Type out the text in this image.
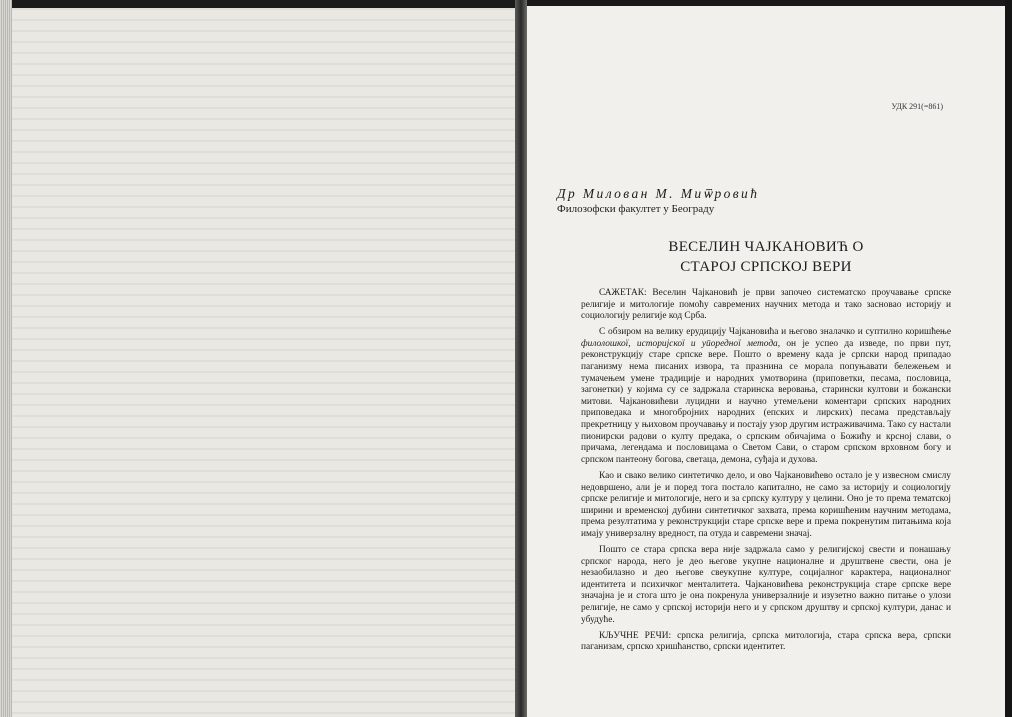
УДК 291(=861)
Др Милован М. Миѿровић
Филозофски факултет у Београду
ВЕСЕЛИН ЧАЈКАНОВИЋ О
СТАРОЈ СРПСКОЈ ВЕРИ

САЖЕТАК: Веселин Чајкановић је први започео систематско проучавање српске религије и митологије помоћу савремених научних метода и тако засновао историју и социологију религије код Срба.

С обзиром на велику ерудицију Чајкановића и његово зналачко и суптилно коришћење филолошкої, историјскої и уӣоредної метода, он је успео да изведе, по први пут, реконструкцију старе српске вере. Пошто о времену када је српски народ припадао паганизму нема писаних извора, та празнина се морала попуњавати бележењем и тумачењем умене традиције и народних умотворина (приповетки, песама, пословица, загонетки) у којима су се задржала старинска веровања, старински култови и божански митови. Чајкановићеви луцидни и научно утемељени коментари српских народних приповедака и многобројних народних (епских и лирских) песама представљају прекретницу у њиховом проучавању и постају узор другим истраживачима. Тако су настали пионирски радови о култу предака, о српским обичајима о Божићу и крсној слави, о причама, легендама и пословицама о Светом Сави, о старом српском врховном богу и српском пантеону богова, светаца, демона, суђаја и духова.

Као и свако велико синтетичко дело, и ово Чајкановићево остало је у извесном смислу недовршено, али је и поред тога постало капитално, не само за историју и социологију српске религије и митологије, него и за српску културу у целини. Оно је то према тематској ширини и временској дубини синтетичког захвата, према коришћеним научним методама, према резултатима у реконструкцији старе српске вере и према покренутим питањима која имају универзалну вредност, па отуда и савремени значај.

Пошто се стара српска вера није задржала само у религијској свести и понашању српског народа, него је део његове укупне националне и друштвене свести, она је незаобилазно и део његове свеукупне културе, социјалног карактера, националног идентитета и психичког менталитета. Чајкановићева реконструкција старе српске вере значајна је и стога што је она покренула универзалније и изузетно важно питање о улози религије, не само у српској историји него и у српском друштву и српској култури, данас и убудуће.

КЉУЧНЕ РЕЧИ: српска религија, српска митологија, стара српска вера, српски паганизам, српско хришћанство, српски идентитет.
